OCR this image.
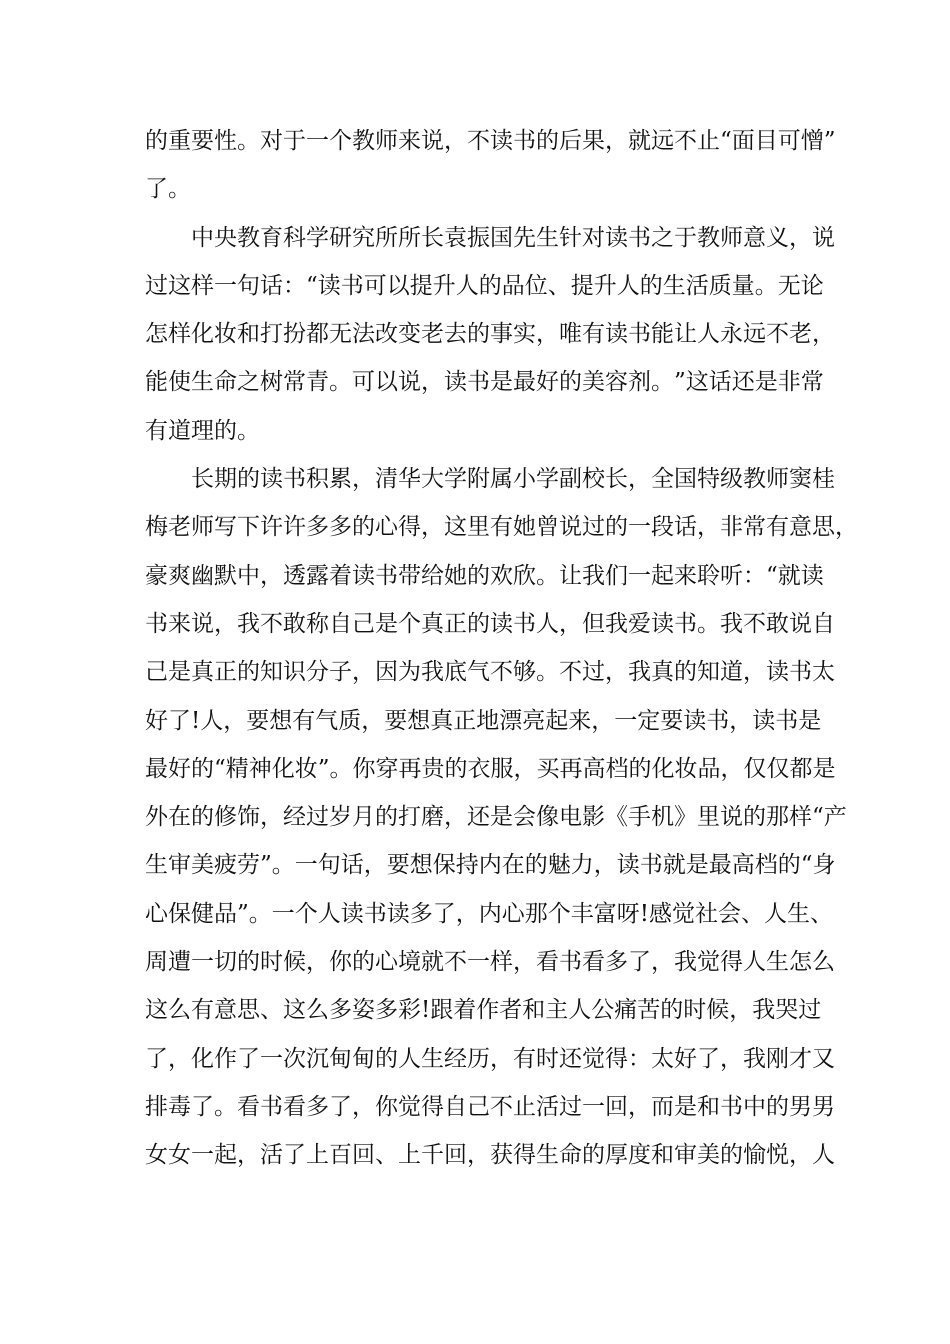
的 重 要 性 。 对 于 一 个 教 师 来 说 ， 不 读 书 的 后 果 ， 就 远 不 止 “ 面 目 可 憎 ”
了。
中 央 教 育 科 学 研 究 所 所 长 袁 振 国 先 生 针 对 读 书 之 于 教 师 意 义 ， 说
过 这 样 一 句 话 ： “ 读 书 可 以 提 升 人 的 品 位 、 提 升 人 的 生 活 质 量 。 无 论
怎 样 化 妆 和 打 扮 都 无 法 改 变 老 去 的 事 实 ， 唯 有 读 书 能 让 人 永 远 不 老 ，
能 使 生 命 之 树 常 青 。 可 以 说 ， 读 书 是 最 好 的 美 容 剂 。 ” 这 话 还 是 非 常
有道理的。
长 期 的 读 书 积 累 ， 清 华 大 学 附 属 小 学 副 校 长 ， 全 国 特 级 教 师 窦 桂
梅 老 师 写 下 许 许 多 多 的 心 得 ， 这 里 有 她 曾 说 过 的 一 段 话 ， 非 常 有 意 思 ，
豪 爽 幽 默 中 ， 透 露 着 读 书 带 给 她 的 欢 欣 。 让 我 们 一 起 来 聆 听 ： “ 就 读
书 来 说 ， 我 不 敢 称 自 己 是 个 真 正 的 读 书 人 ， 但 我 爱 读 书 。 我 不 敢 说 自
己 是 真 正 的 知 识 分 子 ， 因 为 我 底 气 不 够 。 不 过 ， 我 真 的 知 道 ， 读 书 太
好 了 ! 人 ， 要 想 有 气 质 ， 要 想 真 正 地 漂 亮 起 来 ， 一 定 要 读 书 ， 读 书 是
最 好 的 “ 精 神 化 妆 ” 。 你 穿 再 贵 的 衣 服 ， 买 再 高 档 的 化 妆 品 ， 仅 仅 都 是
外 在 的 修 饰 ， 经 过 岁 月 的 打 磨 ， 还 是 会 像 电 影 《 手 机 》 里 说 的 那 样 “ 产
生 审 美 疲 劳 ” 。 一 句 话 ， 要 想 保 持 内 在 的 魅 力 ， 读 书 就 是 最 高 档 的 “ 身
心 保 健 品 ” 。 一 个 人 读 书 读 多 了 ， 内 心 那 个 丰 富 呀 ! 感 觉 社 会 、 人 生 、
周 遭 一 切 的 时 候 ， 你 的 心 境 就 不 一 样 ， 看 书 看 多 了 ， 我 觉 得 人 生 怎 么
这 么 有 意 思 、 这 么 多 姿 多 彩 ! 跟 着 作 者 和 主 人 公 痛 苦 的 时 候 ， 我 哭 过
了 ， 化 作 了 一 次 沉 甸 甸 的 人 生 经 历 ， 有 时 还 觉 得 ： 太 好 了 ， 我 刚 才 又
排 毒 了 。 看 书 看 多 了 ， 你 觉 得 自 己 不 止 活 过 一 回 ， 而 是 和 书 中 的 男 男
女 女 一 起 ， 活 了 上 百 回 、 上 千 回 ， 获 得 生 命 的 厚 度 和 审 美 的 愉 悦 ， 人
